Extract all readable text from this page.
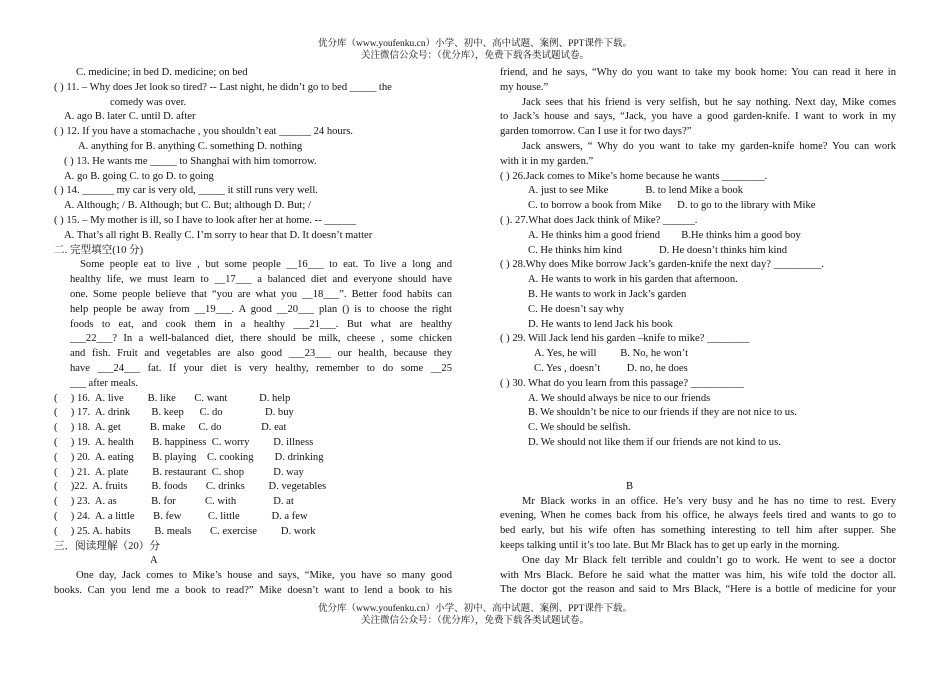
优分库（www.youfenku.cn）小学、初中、高中试题、案例、PPT课件下载。
关注微信公众号：（优分库），免费下载各类试题试卷。
C. medicine; in bed D. medicine; on bed
( ) 11. – Why does Jet look so tired? -- Last night, he didn’t go to bed _____ the
comedy was over.
A. ago B. later C. until D. after
( ) 12. If you have a stomachache , you shouldn’t eat ______ 24 hours.
A. anything for B. anything C. something D. nothing
( ) 13. He wants me _____ to Shanghai with him tomorrow.
A. go B. going C. to go D. to going
( ) 14. ______ my car is very old, _____ it still runs very well.
A. Although; / B. Although; but C. But; although D. But; /
( ) 15. – My mother is ill, so I have to look after her at home. -- ______
A. That’s all right B. Really C. I’m sorry to hear that D. It doesn’t matter
二. 完型填空(10 分)
Some people eat to live , but some people __16___ to eat. To live a long and
healthy life, we must learn to __17___ a balanced diet and everyone should have
one. Some people believe that “you are what you __18___”. Better food habits can
help people be away from __19___. A good __20___ plan () is to choose the right
foods to eat, and cook them in a healthy ___21___. But what are healthy
___22___? In a well-balanced diet, there should be milk, cheese , some chicken
and fish. Fruit and vegetables are also good ___23___ our health, because they
have ___24___ fat. If your diet is very healthy, remember to do some __25
___ after meals.
(     ) 16.  A. live         B. like       C. want            D. help
(     ) 17.  A. drink        B. keep      C. do                D. buy
(     ) 18.  A. get           B. make     C. do               D. eat
(     ) 19.  A. health       B. happiness  C. worry         D. illness
(     ) 20.  A. eating       B. playing    C. cooking        D. drinking
(     ) 21.  A. plate         B. restaurant  C. shop           D. way
(     )22.  A. fruits         B. foods       C. drinks         D. vegetables
(     ) 23.  A. as             B. for           C. with              D. at
(     ) 24.  A. a little       B. few          C. little            D. a few
(     ) 25. A. habits         B. meals       C. exercise         D. work
三．阅读理解（20）分
A
One day, Jack comes to Mike’s house and says, “Mike, you have so many good
books. Can you lend me a book to read?” Mike doesn’t want to lend a book to his
friend, and he says, “Why do you want to take my book home: You can read it here in
my house.”
Jack sees that his friend is very selfish, but he say nothing. Next day, Mike comes
to Jack’s house and says, “Jack, you have a good garden-knife. I want to work in my
garden tomorrow. Can I use it for two days?”
Jack answers, “ Why do you want to take my garden-knife home? You can work
with it in my garden.”
( ) 26.Jack comes to Mike’s home because he wants ________.
A. just to see Mike              B. to lend Mike a book
C. to borrow a book from Mike      D. to go to the library with Mike
( ). 27.What does Jack think of Mike? ______.
A. He thinks him a good friend        B.He thinks him a good boy
C. He thinks him kind              D. He doesn’t thinks him kind
( ) 28.Why does Mike borrow Jack’s garden-knife the next day? _________.
A. He wants to work in his garden that afternoon.
B. He wants to work in Jack’s garden
C. He doesn’t say why
D. He wants to lend Jack his book
( ) 29. Will Jack lend his garden –knife to mike? ________
A. Yes, he will         B. No, he won’t
C. Yes , doesn’t          D. no, he does
( ) 30. What do you learn from this passage? __________
A. We should always be nice to our friends
B. We shouldn’t be nice to our friends if they are not nice to us.
C. We should be selfish.
D. We should not like them if our friends are not kind to us.
B
Mr Black works in an office. He’s very busy and he has no time to rest. Every
evening, When he comes back from his office, he always feels tired and wants to go to
bed early, but his wife often has something interesting to tell him after supper. She
keeps talking until it’s too late. But Mr Black has to get up early in the morning.
One day Mr Black felt terrible and couldn’t go to work. He went to see a doctor
with Mrs Black. Before he said what the matter was him, his wife told the doctor all.
The doctor got the reason and said to Mrs Black, “Here is a bottle of medicine for your
优分库（www.youfenku.cn）小学、初中、高中试题、案例、PPT课件下载。
关注微信公众号：（优分库），免费下载各类试题试卷。
